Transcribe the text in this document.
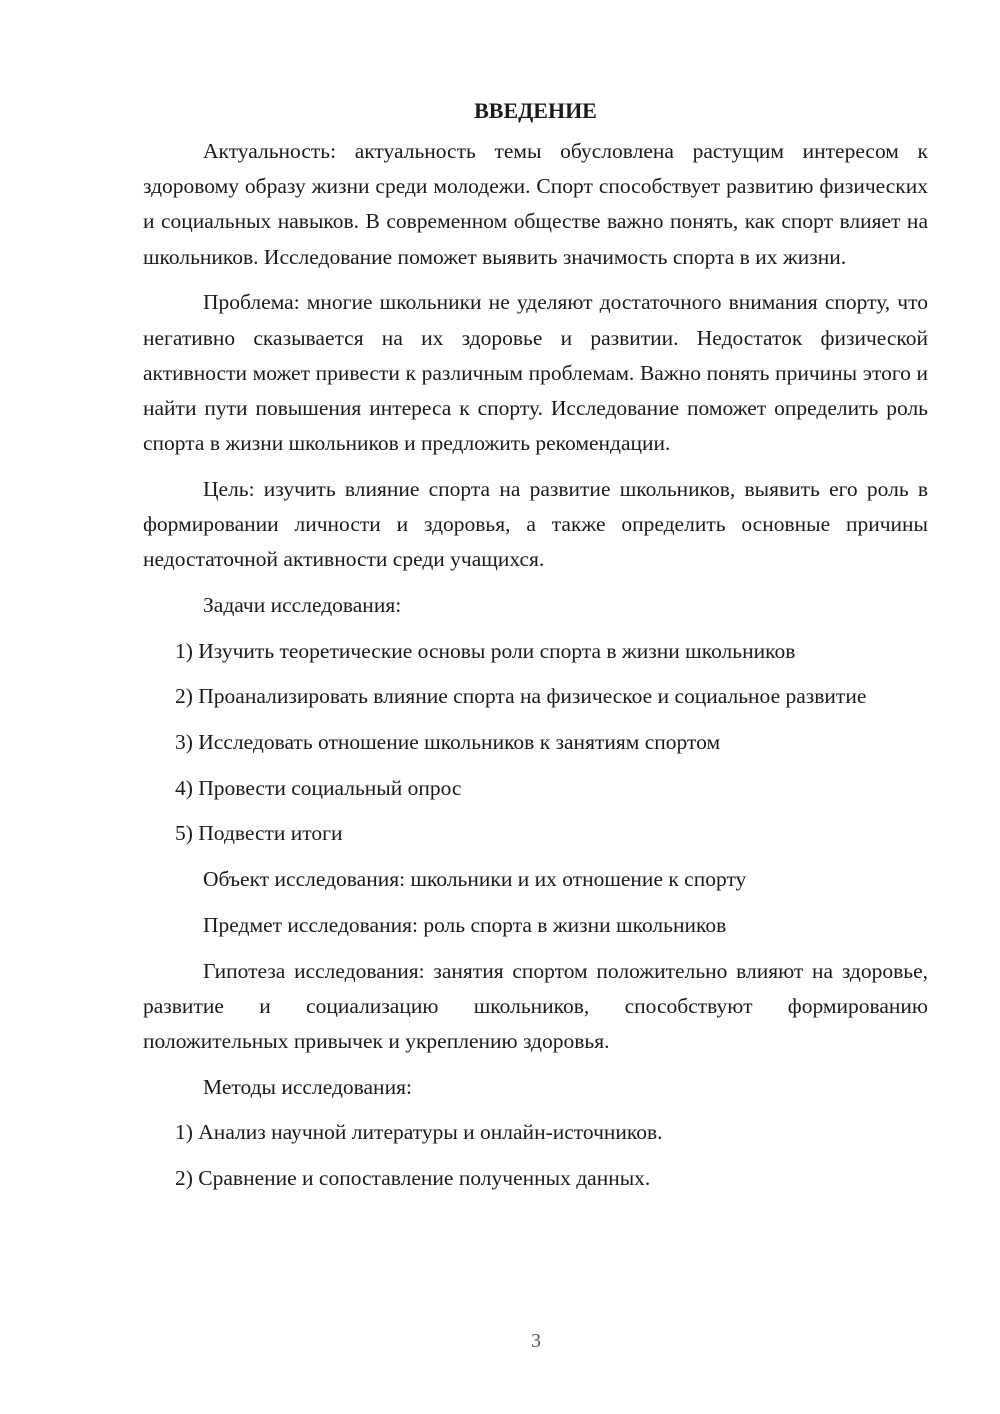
ВВЕДЕНИЕ

Актуальность: актуальность темы обусловлена растущим интересом к здоровому образу жизни среди молодежи. Спорт способствует развитию физических и социальных навыков. В современном обществе важно понять, как спорт влияет на школьников. Исследование поможет выявить значимость спорта в их жизни.

Проблема: многие школьники не уделяют достаточного внимания спорту, что негативно сказывается на их здоровье и развитии. Недостаток физической активности может привести к различным проблемам. Важно понять причины этого и найти пути повышения интереса к спорту. Исследование поможет определить роль спорта в жизни школьников и предложить рекомендации.

Цель: изучить влияние спорта на развитие школьников, выявить его роль в формировании личности и здоровья, а также определить основные причины недостаточной активности среди учащихся.

Задачи исследования:

1) Изучить теоретические основы роли спорта в жизни школьников

2) Проанализировать влияние спорта на физическое и социальное развитие

3) Исследовать отношение школьников к занятиям спортом

4) Провести социальный опрос

5) Подвести итоги

Объект исследования: школьники и их отношение к спорту

Предмет исследования: роль спорта в жизни школьников

Гипотеза исследования: занятия спортом положительно влияют на здоровье, развитие и социализацию школьников, способствуют формированию положительных привычек и укреплению здоровья.

Методы исследования:

1) Анализ научной литературы и онлайн-источников.

2) Сравнение и сопоставление полученных данных.

3
